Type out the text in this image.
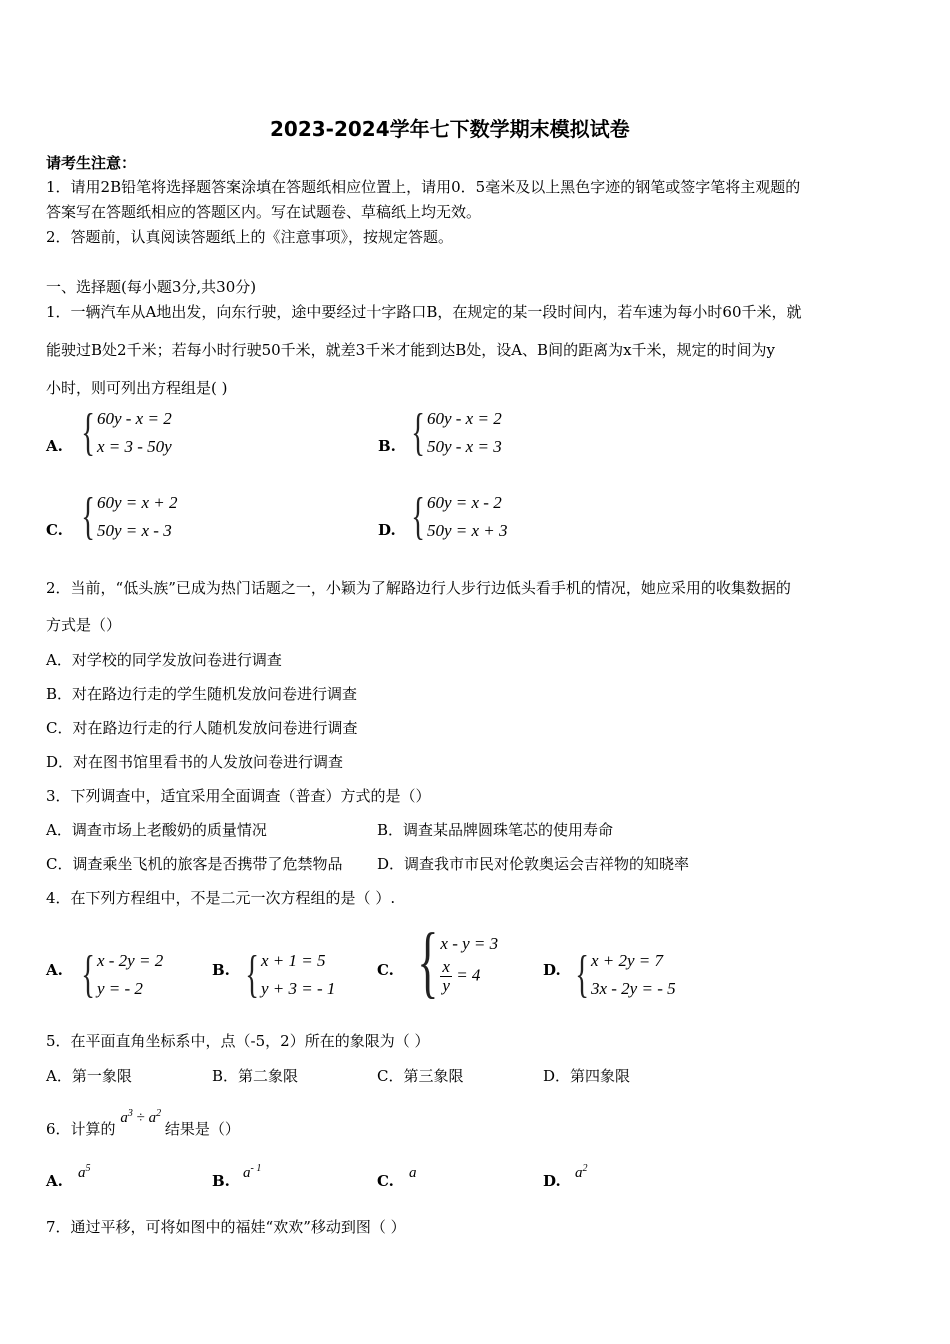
2023-2024学年七下数学期末模拟试卷
请考生注意：
1．请用2B铅笔将选择题答案涂填在答题纸相应位置上，请用0．5毫米及以上黑色字迹的钢笔或签字笔将主观题的
答案写在答题纸相应的答题区内。写在试题卷、草稿纸上均无效。
2．答题前，认真阅读答题纸上的《注意事项》，按规定答题。
一、选择题(每小题3分,共30分)
1．一辆汽车从A地出发，向东行驶，途中要经过十字路口B，在规定的某一段时间内，若车速为每小时60千米，就
能驶过B处2千米；若每小时行驶50千米，就差3千米才能到达B处，设A、B间的距离为x千米，规定的时间为y
小时，则可列出方程组是( )
A. { 60y - x = 2
x = 3 - 50y	B. { 60y - x = 2
50y - x = 3
C. { 60y = x + 2
50y = x - 3	D. { 60y = x - 2
50y = x + 3
2．当前，“低头族”已成为热门话题之一，小颖为了解路边行人步行边低头看手机的情况，她应采用的收集数据的
方式是（）
A．对学校的同学发放问卷进行调查
B．对在路边行走的学生随机发放问卷进行调查
C．对在路边行走的行人随机发放问卷进行调查
D．对在图书馆里看书的人发放问卷进行调查
3．下列调查中，适宜采用全面调查（普查）方式的是（）
A．调查市场上老酸奶的质量情况	B．调查某品牌圆珠笔芯的使用寿命
C．调查乘坐飞机的旅客是否携带了危禁物品 D．调查我市市民对伦敦奥运会吉祥物的知晓率
4．在下列方程组中，不是二元一次方程组的是（ ）.
A. { x - 2y = 2
y = - 2
B. { x + 1 = 5
y + 3 = - 1
C. { x - y = 3
$\frac{x}{y} = 4$	D. { x + 2y = 7
3x - 2y = - 5
5．在平面直角坐标系中，点（-5，2）所在的象限为（ ）
A．第一象限	B．第二象限	C．第三象限	D．第四象限
6．计算的 $a^3 \div a^2$ 结果是（）
A. $a^5$
B. $a^{- 1}$
C. a	D. $a^2$
7．通过平移，可将如图中的福娃“欢欢”移动到图（ ）
